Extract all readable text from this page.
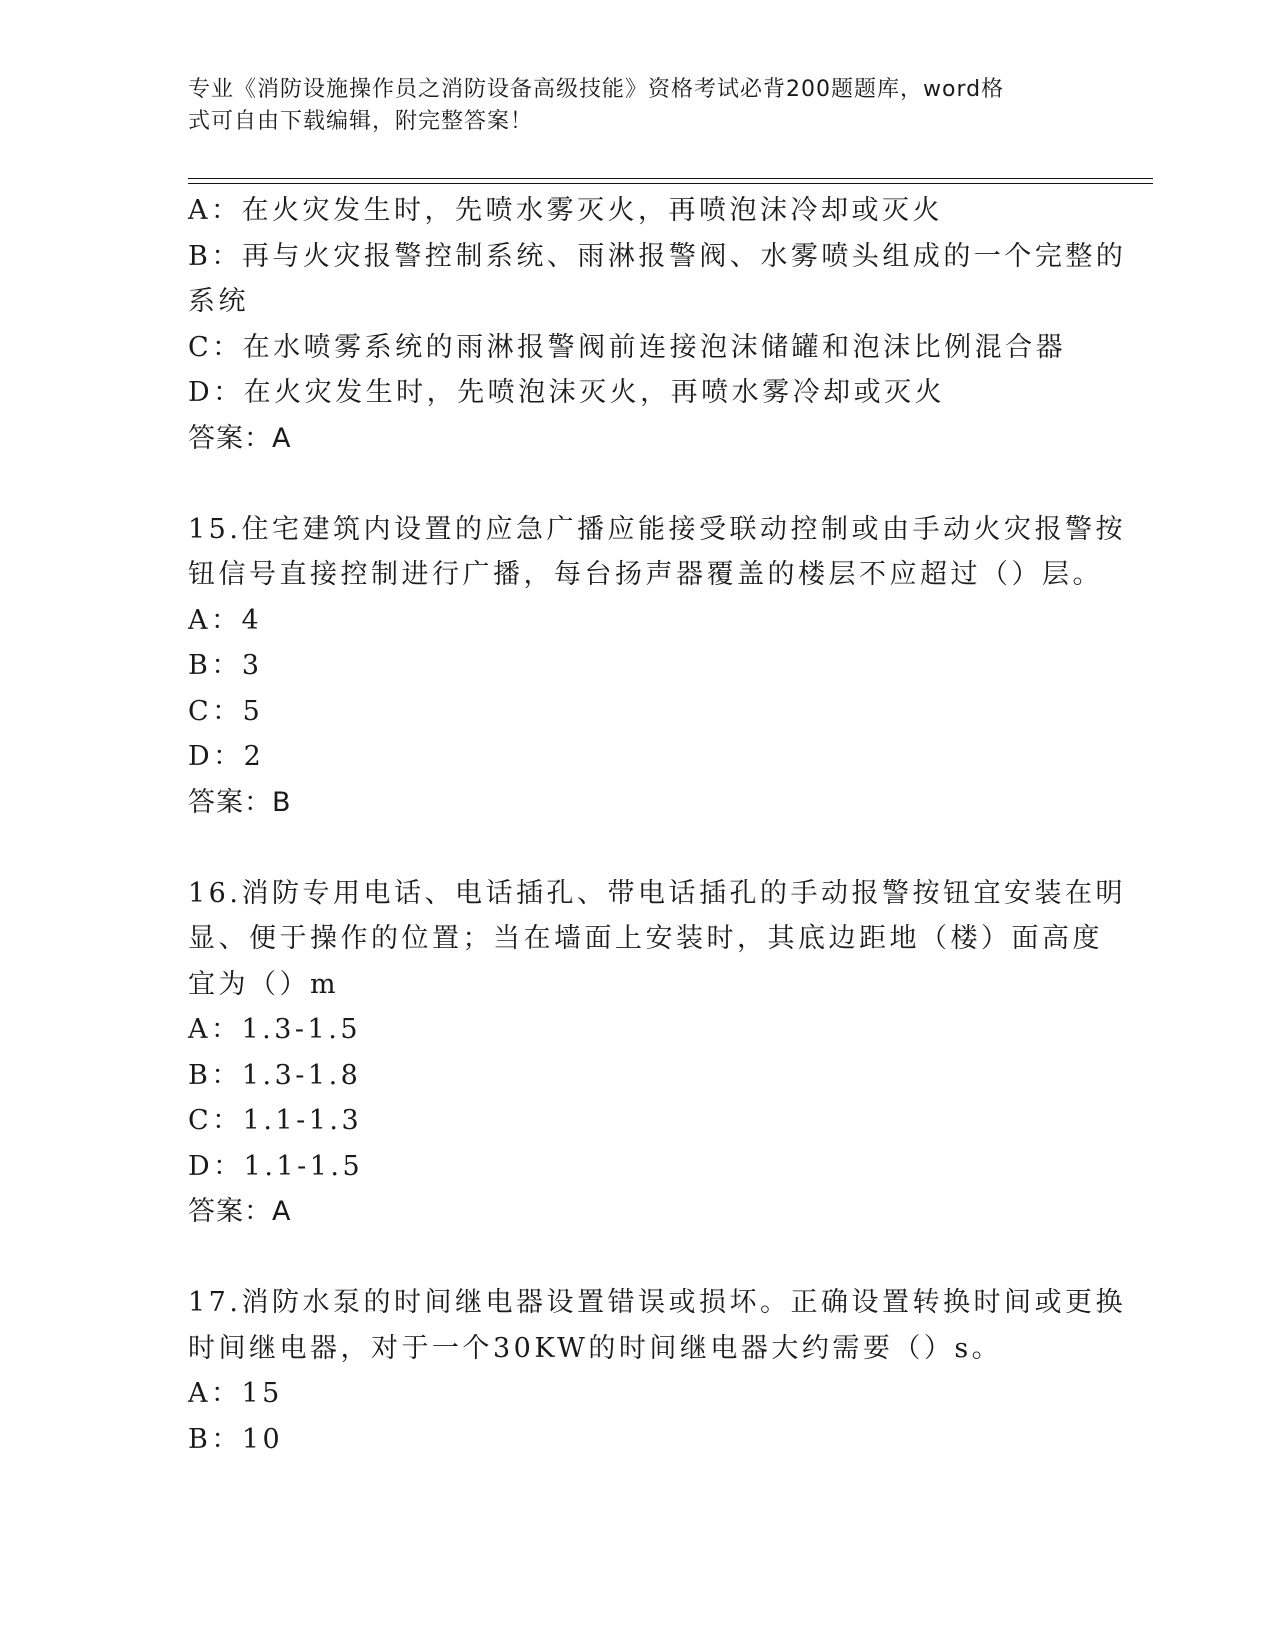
专业《消防设施操作员之消防设备高级技能》资格考试必背200题题库，word格
式可自由下载编辑，附完整答案！
A：在火灾发生时，先喷水雾灭火，再喷泡沫冷却或灭火
B：再与火灾报警控制系统、雨淋报警阀、水雾喷头组成的一个完整的
系统
C：在水喷雾系统的雨淋报警阀前连接泡沫储罐和泡沫比例混合器
D：在火灾发生时，先喷泡沫灭火，再喷水雾冷却或灭火
答案：A
15.住宅建筑内设置的应急广播应能接受联动控制或由手动火灾报警按
钮信号直接控制进行广播，每台扬声器覆盖的楼层不应超过（）层。
A：4
B：3
C：5
D：2
答案：B
16.消防专用电话、电话插孔、带电话插孔的手动报警按钮宜安装在明
显、便于操作的位置；当在墙面上安装时，其底边距地（楼）面高度
宜为（）m
A：1.3-1.5
B：1.3-1.8
C：1.1-1.3
D：1.1-1.5
答案：A
17.消防水泵的时间继电器设置错误或损坏。正确设置转换时间或更换
时间继电器，对于一个30KW的时间继电器大约需要（）s。
A：15
B：10
